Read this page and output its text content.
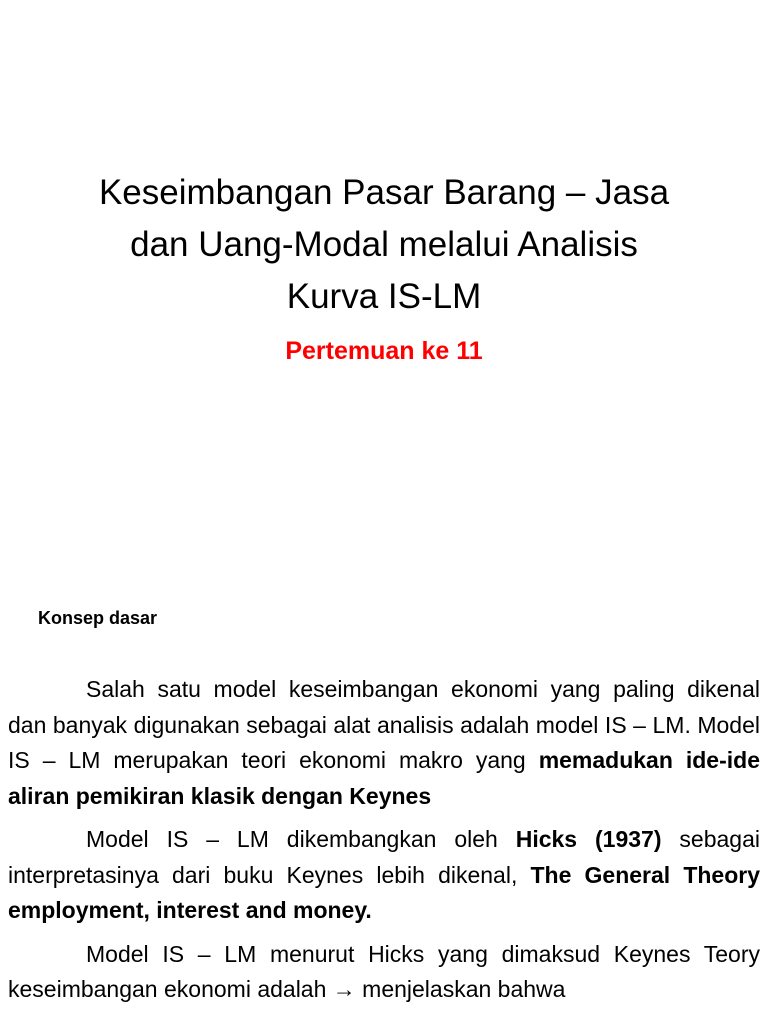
Keseimbangan Pasar Barang – Jasa
dan Uang-Modal melalui Analisis
Kurva IS-LM
Pertemuan ke 11
Konsep dasar

Salah satu model keseimbangan ekonomi yang paling dikenal dan banyak digunakan sebagai alat analisis adalah model IS – LM. Model IS – LM merupakan teori ekonomi makro yang memadukan ide-ide aliran pemikiran klasik dengan Keynes

Model IS – LM dikembangkan oleh Hicks (1937) sebagai interpretasinya dari buku Keynes lebih dikenal, The General Theory employment, interest and money.

Model IS – LM menurut Hicks yang dimaksud Keynes Teory keseimbangan ekonomi adalah → menjelaskan bahwa
